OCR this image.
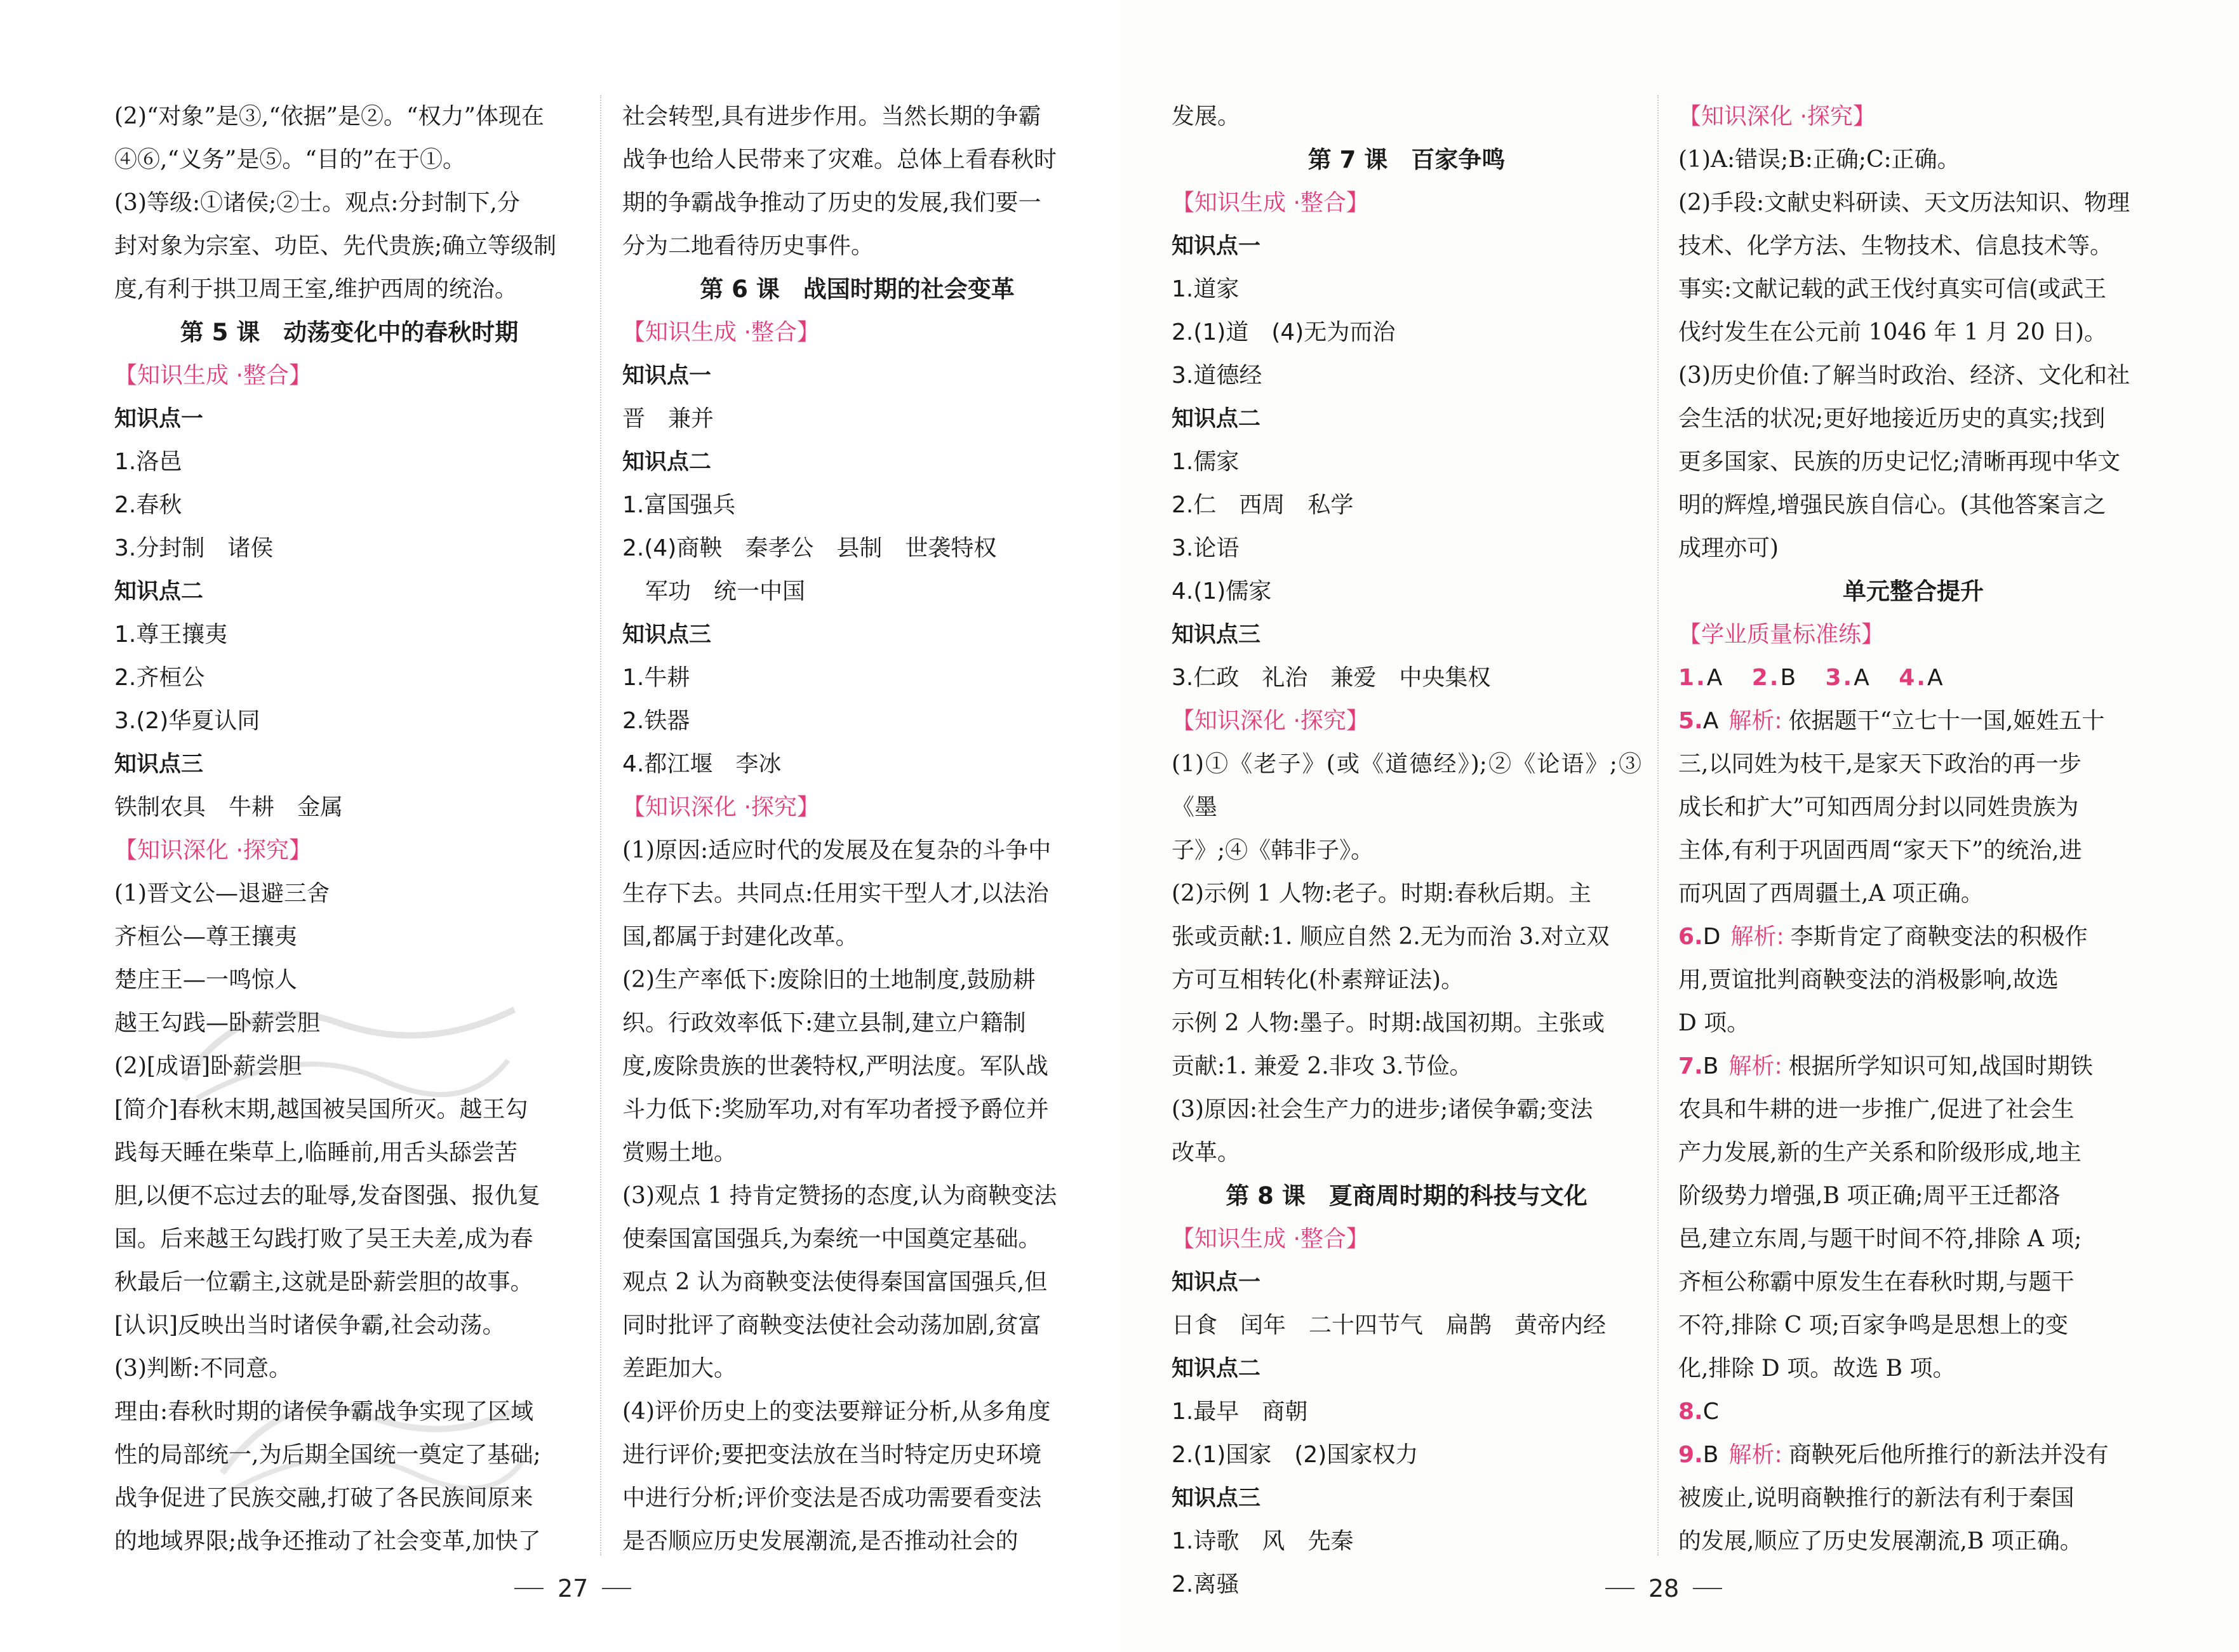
(2)“对象”是③,“依据”是②。“权力”体现在

④⑥,“义务”是⑤。“目的”在于①。

(3)等级:①诸侯;②士。观点:分封制下,分

封对象为宗室、功臣、先代贵族;确立等级制

度,有利于拱卫周王室,维护西周的统治。

第 5 课　动荡变化中的春秋时期

【知识生成 ·整合】

知识点一

1.洛邑

2.春秋

3.分封制　诸侯

知识点二

1.尊王攘夷

2.齐桓公

3.(2)华夏认同

知识点三

铁制农具　牛耕　金属

【知识深化 ·探究】

(1)晋文公—退避三舍

齐桓公—尊王攘夷

楚庄王—一鸣惊人

越王勾践—卧薪尝胆

(2)[成语]卧薪尝胆

[简介]春秋末期,越国被吴国所灭。越王勾

践每天睡在柴草上,临睡前,用舌头舔尝苦

胆,以便不忘过去的耻辱,发奋图强、报仇复

国。后来越王勾践打败了吴王夫差,成为春

秋最后一位霸主,这就是卧薪尝胆的故事。

[认识]反映出当时诸侯争霸,社会动荡。

(3)判断:不同意。

理由:春秋时期的诸侯争霸战争实现了区域

性的局部统一,为后期全国统一奠定了基础;

战争促进了民族交融,打破了各民族间原来

的地域界限;战争还推动了社会变革,加快了

社会转型,具有进步作用。当然长期的争霸

战争也给人民带来了灾难。总体上看春秋时

期的争霸战争推动了历史的发展,我们要一

分为二地看待历史事件。

第 6 课　战国时期的社会变革

【知识生成 ·整合】

知识点一

晋　兼并

知识点二

1.富国强兵

2.(4)商鞅　秦孝公　县制　世袭特权

军功　统一中国

知识点三

1.牛耕

2.铁器

4.都江堰　李冰

【知识深化 ·探究】

(1)原因:适应时代的发展及在复杂的斗争中

生存下去。共同点:任用实干型人才,以法治

国,都属于封建化改革。

(2)生产率低下:废除旧的土地制度,鼓励耕

织。行政效率低下:建立县制,建立户籍制

度,废除贵族的世袭特权,严明法度。军队战

斗力低下:奖励军功,对有军功者授予爵位并

赏赐土地。

(3)观点 1 持肯定赞扬的态度,认为商鞅变法

使秦国富国强兵,为秦统一中国奠定基础。

观点 2 认为商鞅变法使得秦国富国强兵,但

同时批评了商鞅变法使社会动荡加剧,贫富

差距加大。

(4)评价历史上的变法要辩证分析,从多角度

进行评价;要把变法放在当时特定历史环境

中进行分析;评价变法是否成功需要看变法

是否顺应历史发展潮流,是否推动社会的

27

发展。

第 7 课　百家争鸣

【知识生成 ·整合】

知识点一

1.道家

2.(1)道　(4)无为而治

3.道德经

知识点二

1.儒家

2.仁　西周　私学

3.论语

4.(1)儒家

知识点三

3.仁政　礼治　兼爱　中央集权

【知识深化 ·探究】

(1)①《老子》(或《道德经》);②《论语》;③《墨

子》;④《韩非子》。

(2)示例 1 人物:老子。时期:春秋后期。主

张或贡献:1. 顺应自然 2.无为而治 3.对立双

方可互相转化(朴素辩证法)。

示例 2 人物:墨子。时期:战国初期。主张或

贡献:1. 兼爱 2.非攻 3.节俭。

(3)原因:社会生产力的进步;诸侯争霸;变法

改革。

第 8 课　夏商周时期的科技与文化

【知识生成 ·整合】

知识点一

日食　闰年　二十四节气　扁鹊　黄帝内经

知识点二

1.最早　商朝

2.(1)国家　(2)国家权力

知识点三

1.诗歌　风　先秦

2.离骚

【知识深化 ·探究】

(1)A:错误;B:正确;C:正确。

(2)手段:文献史料研读、天文历法知识、物理

技术、化学方法、生物技术、信息技术等。

事实:文献记载的武王伐纣真实可信(或武王

伐纣发生在公元前 1046 年 1 月 20 日)。

(3)历史价值:了解当时政治、经济、文化和社

会生活的状况;更好地接近历史的真实;找到

更多国家、民族的历史记忆;清晰再现中华文

明的辉煌,增强民族自信心。(其他答案言之

成理亦可)

单元整合提升

【学业质量标准练】

1.A 2.B 3.A 4.A

5.A 解析: 依据题干“立七十一国,姬姓五十

三,以同姓为枝干,是家天下政治的再一步

成长和扩大”可知西周分封以同姓贵族为

主体,有利于巩固西周“家天下”的统治,进

而巩固了西周疆土,A 项正确。

6.D 解析: 李斯肯定了商鞅变法的积极作

用,贾谊批判商鞅变法的消极影响,故选

D 项。

7.B 解析: 根据所学知识可知,战国时期铁

农具和牛耕的进一步推广,促进了社会生

产力发展,新的生产关系和阶级形成,地主

阶级势力增强,B 项正确;周平王迁都洛

邑,建立东周,与题干时间不符,排除 A 项;

齐桓公称霸中原发生在春秋时期,与题干

不符,排除 C 项;百家争鸣是思想上的变

化,排除 D 项。故选 B 项。

8.C

9.B 解析: 商鞅死后他所推行的新法并没有

被废止,说明商鞅推行的新法有利于秦国

的发展,顺应了历史发展潮流,B 项正确。

28
